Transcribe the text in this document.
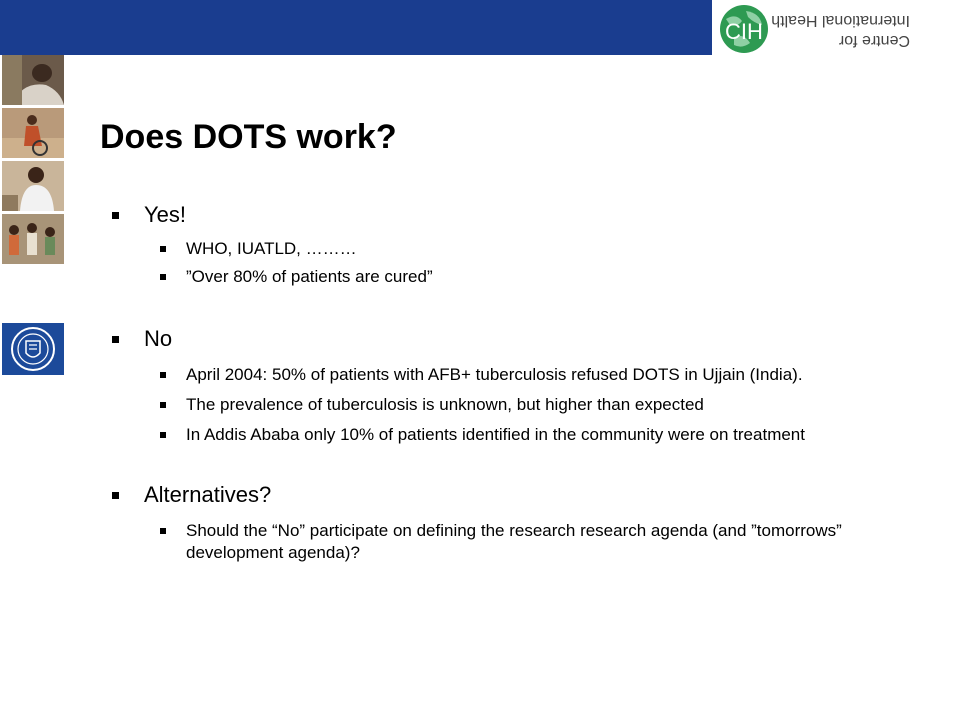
CIH	Centre for
International Health
Does DOTS work?
Yes!
WHO, IUATLD, ………
”Over 80% of patients are cured”
No
April 2004: 50% of patients with AFB+ tuberculosis refused DOTS in Ujjain (India).
The prevalence of tuberculosis is unknown, but higher than expected
In Addis Ababa only 10% of patients identified in the community were on treatment
Alternatives?
Should the “No” participate on defining the research research agenda (and ”tomorrows” development agenda)?
